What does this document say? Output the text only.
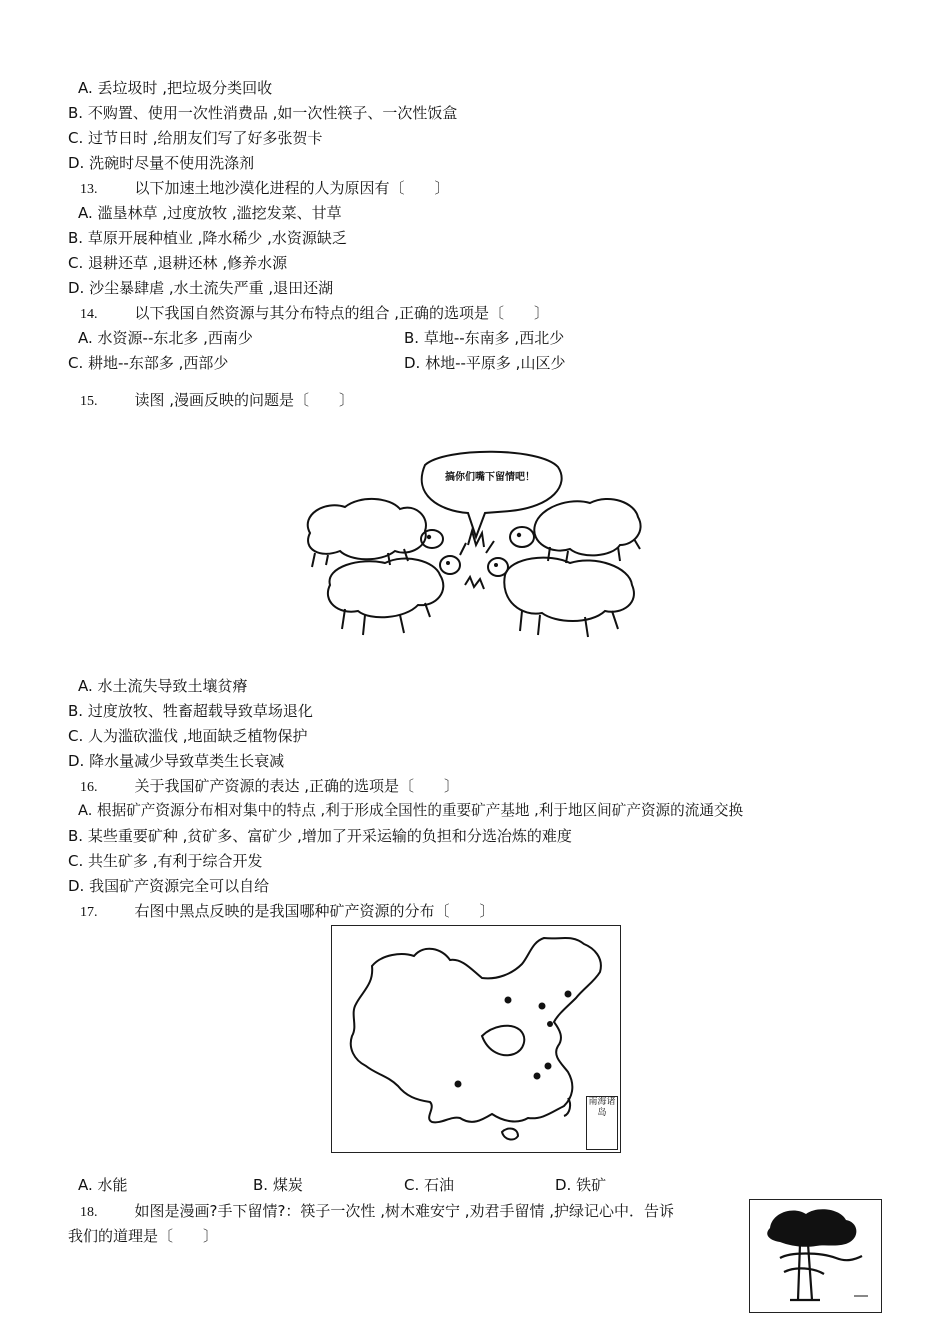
A. 丢垃圾时 ,把垃圾分类回收
B. 不购置、使用一次性消费品 ,如一次性筷子、一次性饭盒
C. 过节日时 ,给朋友们写了好多张贺卡
D. 洗碗时尽量不使用洗涤剂
13. 以下加速土地沙漠化进程的人为原因有〔　　〕
A. 滥垦林草 ,过度放牧 ,滥挖发菜、甘草
B. 草原开展种植业 ,降水稀少 ,水资源缺乏
C. 退耕还草 ,退耕还林 ,修养水源
D. 沙尘暴肆虐 ,水土流失严重 ,退田还湖
14. 以下我国自然资源与其分布特点的组合 ,正确的选项是〔　　〕
A. 水资源--东北多 ,西南少	B. 草地--东南多 ,西北少
C. 耕地--东部多 ,西部少	D. 林地--平原多 ,山区少
15. 读图 ,漫画反映的问题是〔　　〕
搞你们嘴下留情吧！
A. 水土流失导致土壤贫瘠
B. 过度放牧、牲畜超载导致草场退化
C. 人为滥砍滥伐 ,地面缺乏植物保护
D. 降水量减少导致草类生长衰减
16. 关于我国矿产资源的表达 ,正确的选项是〔　　〕
A. 根据矿产资源分布相对集中的特点 ,利于形成全国性的重要矿产基地 ,利于地区间矿产资源的流通交换
B. 某些重要矿种 ,贫矿多、富矿少 ,增加了开采运输的负担和分选冶炼的难度
C. 共生矿多 ,有利于综合开发
D. 我国矿产资源完全可以自给
17. 右图中黑点反映的是我国哪种矿产资源的分布〔　　〕
南海诸岛
A. 水能	B. 煤炭	C. 石油	D. 铁矿
18. 如图是漫画?手下留情?：筷子一次性 ,树木难安宁 ,劝君手留情 ,护绿记心中．告诉
我们的道理是〔　　〕
